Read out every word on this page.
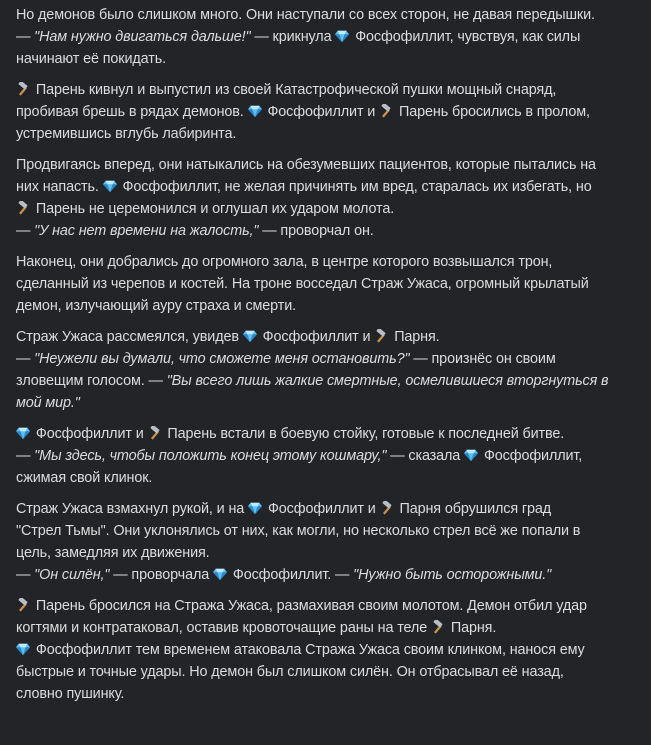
Но демонов было слишком много. Они наступали со всех сторон, не давая передышки.
— "Нам нужно двигаться дальше!" — крикнула
Фосфофиллит, чувствуя, как силы
начинают её покидать.

Парень кивнул и выпустил из своей Катастрофической пушки мощный снаряд,
пробивая брешь в рядах демонов.
Фосфофиллит и
Парень бросились в пролом,
устремившись вглубь лабиринта.

Продвигаясь вперед, они натыкались на обезумевших пациентов, которые пытались на
них напасть.
Фосфофиллит, не желая причинять им вред, старалась их избегать, но
Парень не церемонился и оглушал их ударом молота.
— "У нас нет времени на жалость," — проворчал он.

Наконец, они добрались до огромного зала, в центре которого возвышался трон,
сделанный из черепов и костей. На троне восседал Страж Ужаса, огромный крылатый
демон, излучающий ауру страха и смерти.

Страж Ужаса рассмеялся, увидев
Фосфофиллит и
Парня.
— "Неужели вы думали, что сможете меня остановить?" — произнёс он своим
зловещим голосом. — "Вы всего лишь жалкие смертные, осмелившиеся вторгнуться в
мой мир."

Фосфофиллит и
Парень встали в боевую стойку, готовые к последней битве.
— "Мы здесь, чтобы положить конец этому кошмару," — сказала
Фосфофиллит,
сжимая свой клинок.

Страж Ужаса взмахнул рукой, и на
Фосфофиллит и
Парня обрушился град
"Стрел Тьмы". Они уклонялись от них, как могли, но несколько стрел всё же попали в
цель, замедляя их движения.
— "Он силён," — проворчала
Фосфофиллит. — "Нужно быть осторожными."

Парень бросился на Стража Ужаса, размахивая своим молотом. Демон отбил удар
когтями и контратаковал, оставив кровоточащие раны на теле
Парня.
Фосфофиллит тем временем атаковала Стража Ужаса своим клинком, нанося ему
быстрые и точные удары. Но демон был слишком силён. Он отбрасывал её назад,
словно пушинку.
